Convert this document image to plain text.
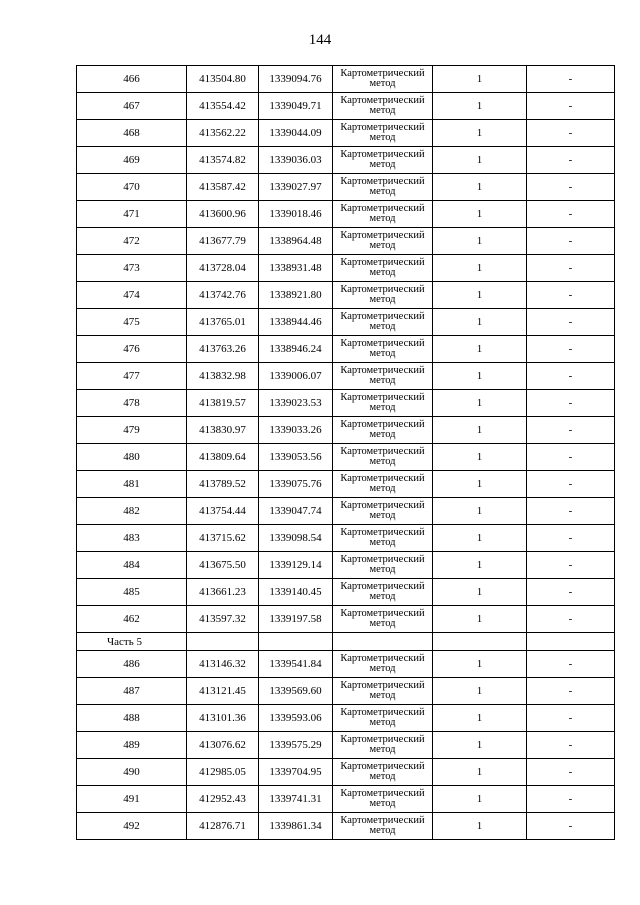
144
466	413504.80	1339094.76	Картометрический метод	1	-
467	413554.42	1339049.71	Картометрический метод	1	-
468	413562.22	1339044.09	Картометрический метод	1	-
469	413574.82	1339036.03	Картометрический метод	1	-
470	413587.42	1339027.97	Картометрический метод	1	-
471	413600.96	1339018.46	Картометрический метод	1	-
472	413677.79	1338964.48	Картометрический метод	1	-
473	413728.04	1338931.48	Картометрический метод	1	-
474	413742.76	1338921.80	Картометрический метод	1	-
475	413765.01	1338944.46	Картометрический метод	1	-
476	413763.26	1338946.24	Картометрический метод	1	-
477	413832.98	1339006.07	Картометрический метод	1	-
478	413819.57	1339023.53	Картометрический метод	1	-
479	413830.97	1339033.26	Картометрический метод	1	-
480	413809.64	1339053.56	Картометрический метод	1	-
481	413789.52	1339075.76	Картометрический метод	1	-
482	413754.44	1339047.74	Картометрический метод	1	-
483	413715.62	1339098.54	Картометрический метод	1	-
484	413675.50	1339129.14	Картометрический метод	1	-
485	413661.23	1339140.45	Картометрический метод	1	-
462	413597.32	1339197.58	Картометрический метод	1	-
Часть 5					
486	413146.32	1339541.84	Картометрический метод	1	-
487	413121.45	1339569.60	Картометрический метод	1	-
488	413101.36	1339593.06	Картометрический метод	1	-
489	413076.62	1339575.29	Картометрический метод	1	-
490	412985.05	1339704.95	Картометрический метод	1	-
491	412952.43	1339741.31	Картометрический метод	1	-
492	412876.71	1339861.34	Картометрический метод	1	-
